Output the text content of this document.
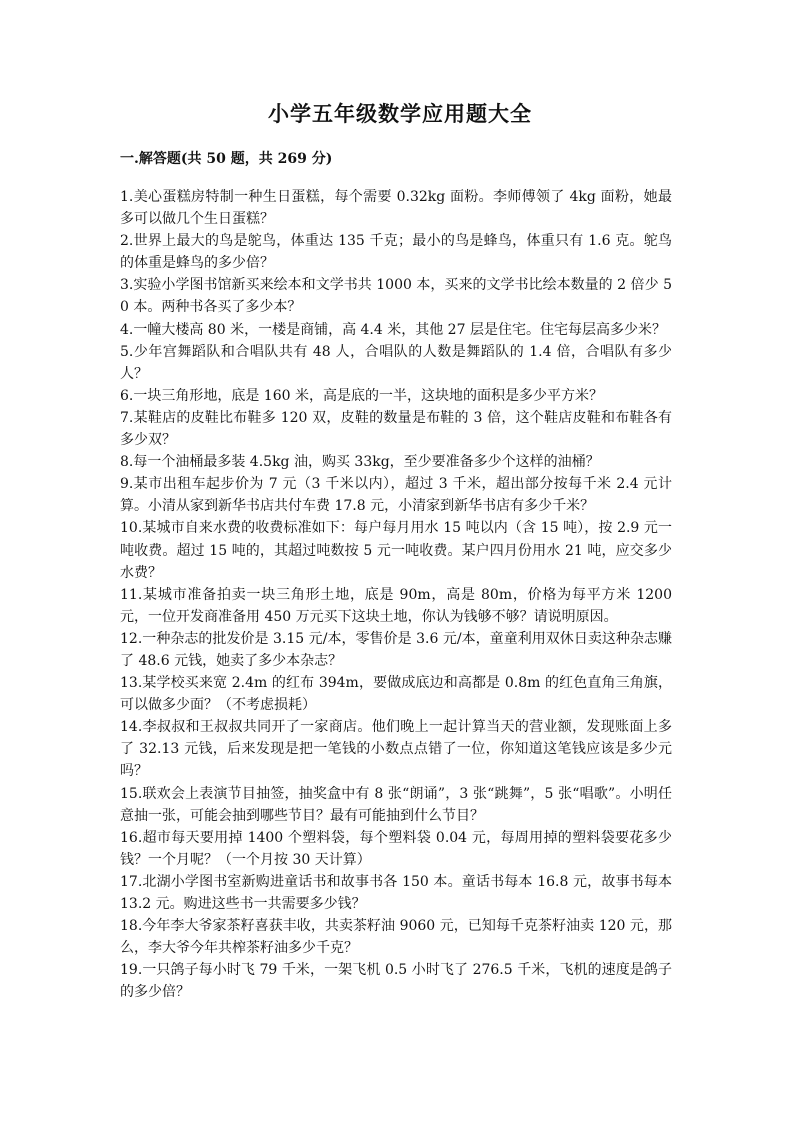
小学五年级数学应用题大全
一.解答题(共 50 题，共 269 分)
1.美心蛋糕房特制一种生日蛋糕，每个需要 0.32kg 面粉。李师傅领了 4kg 面粉，她最多可以做几个生日蛋糕？
2.世界上最大的鸟是鸵鸟，体重达 135 千克；最小的鸟是蜂鸟，体重只有 1.6 克。鸵鸟的体重是蜂鸟的多少倍？
3.实验小学图书馆新买来绘本和文学书共 1000 本，买来的文学书比绘本数量的 2 倍少 50 本。两种书各买了多少本？
4.一幢大楼高 80 米，一楼是商铺，高 4.4 米，其他 27 层是住宅。住宅每层高多少米？
5.少年宫舞蹈队和合唱队共有 48 人，合唱队的人数是舞蹈队的 1.4 倍，合唱队有多少人？
6.一块三角形地，底是 160 米，高是底的一半，这块地的面积是多少平方米？
7.某鞋店的皮鞋比布鞋多 120 双，皮鞋的数量是布鞋的 3 倍，这个鞋店皮鞋和布鞋各有多少双？
8.每一个油桶最多装 4.5kg 油，购买 33kg，至少要准备多少个这样的油桶？
9.某市出租车起步价为 7 元（3 千米以内），超过 3 千米，超出部分按每千米 2.4 元计算。小清从家到新华书店共付车费 17.8 元，小清家到新华书店有多少千米？
10.某城市自来水费的收费标准如下：每户每月用水 15 吨以内（含 15 吨），按 2.9 元一吨收费。超过 15 吨的，其超过吨数按 5 元一吨收费。某户四月份用水 21 吨，应交多少水费？
11.某城市准备拍卖一块三角形土地，底是 90m，高是 80m，价格为每平方米 1200 元，一位开发商准备用 450 万元买下这块土地，你认为钱够不够？请说明原因。
12.一种杂志的批发价是 3.15 元/本，零售价是 3.6 元/本，童童利用双休日卖这种杂志赚了 48.6 元钱，她卖了多少本杂志？
13.某学校买来宽 2.4m 的红布 394m，要做成底边和高都是 0.8m 的红色直角三角旗，可以做多少面？（不考虑损耗）
14.李叔叔和王叔叔共同开了一家商店。他们晚上一起计算当天的营业额，发现账面上多了 32.13 元钱，后来发现是把一笔钱的小数点点错了一位，你知道这笔钱应该是多少元吗？
15.联欢会上表演节目抽签，抽奖盒中有 8 张“朗诵”，3 张“跳舞”，5 张“唱歌”。小明任意抽一张，可能会抽到哪些节目？最有可能抽到什么节目？
16.超市每天要用掉 1400 个塑料袋，每个塑料袋 0.04 元，每周用掉的塑料袋要花多少钱？一个月呢？（一个月按 30 天计算）
17.北湖小学图书室新购进童话书和故事书各 150 本。童话书每本 16.8 元，故事书每本 13.2 元。购进这些书一共需要多少钱？
18.今年李大爷家茶籽喜获丰收，共卖茶籽油 9060 元，已知每千克茶籽油卖 120 元，那么，李大爷今年共榨茶籽油多少千克？
19.一只鸽子每小时飞 79 千米，一架飞机 0.5 小时飞了 276.5 千米，飞机的速度是鸽子的多少倍？
